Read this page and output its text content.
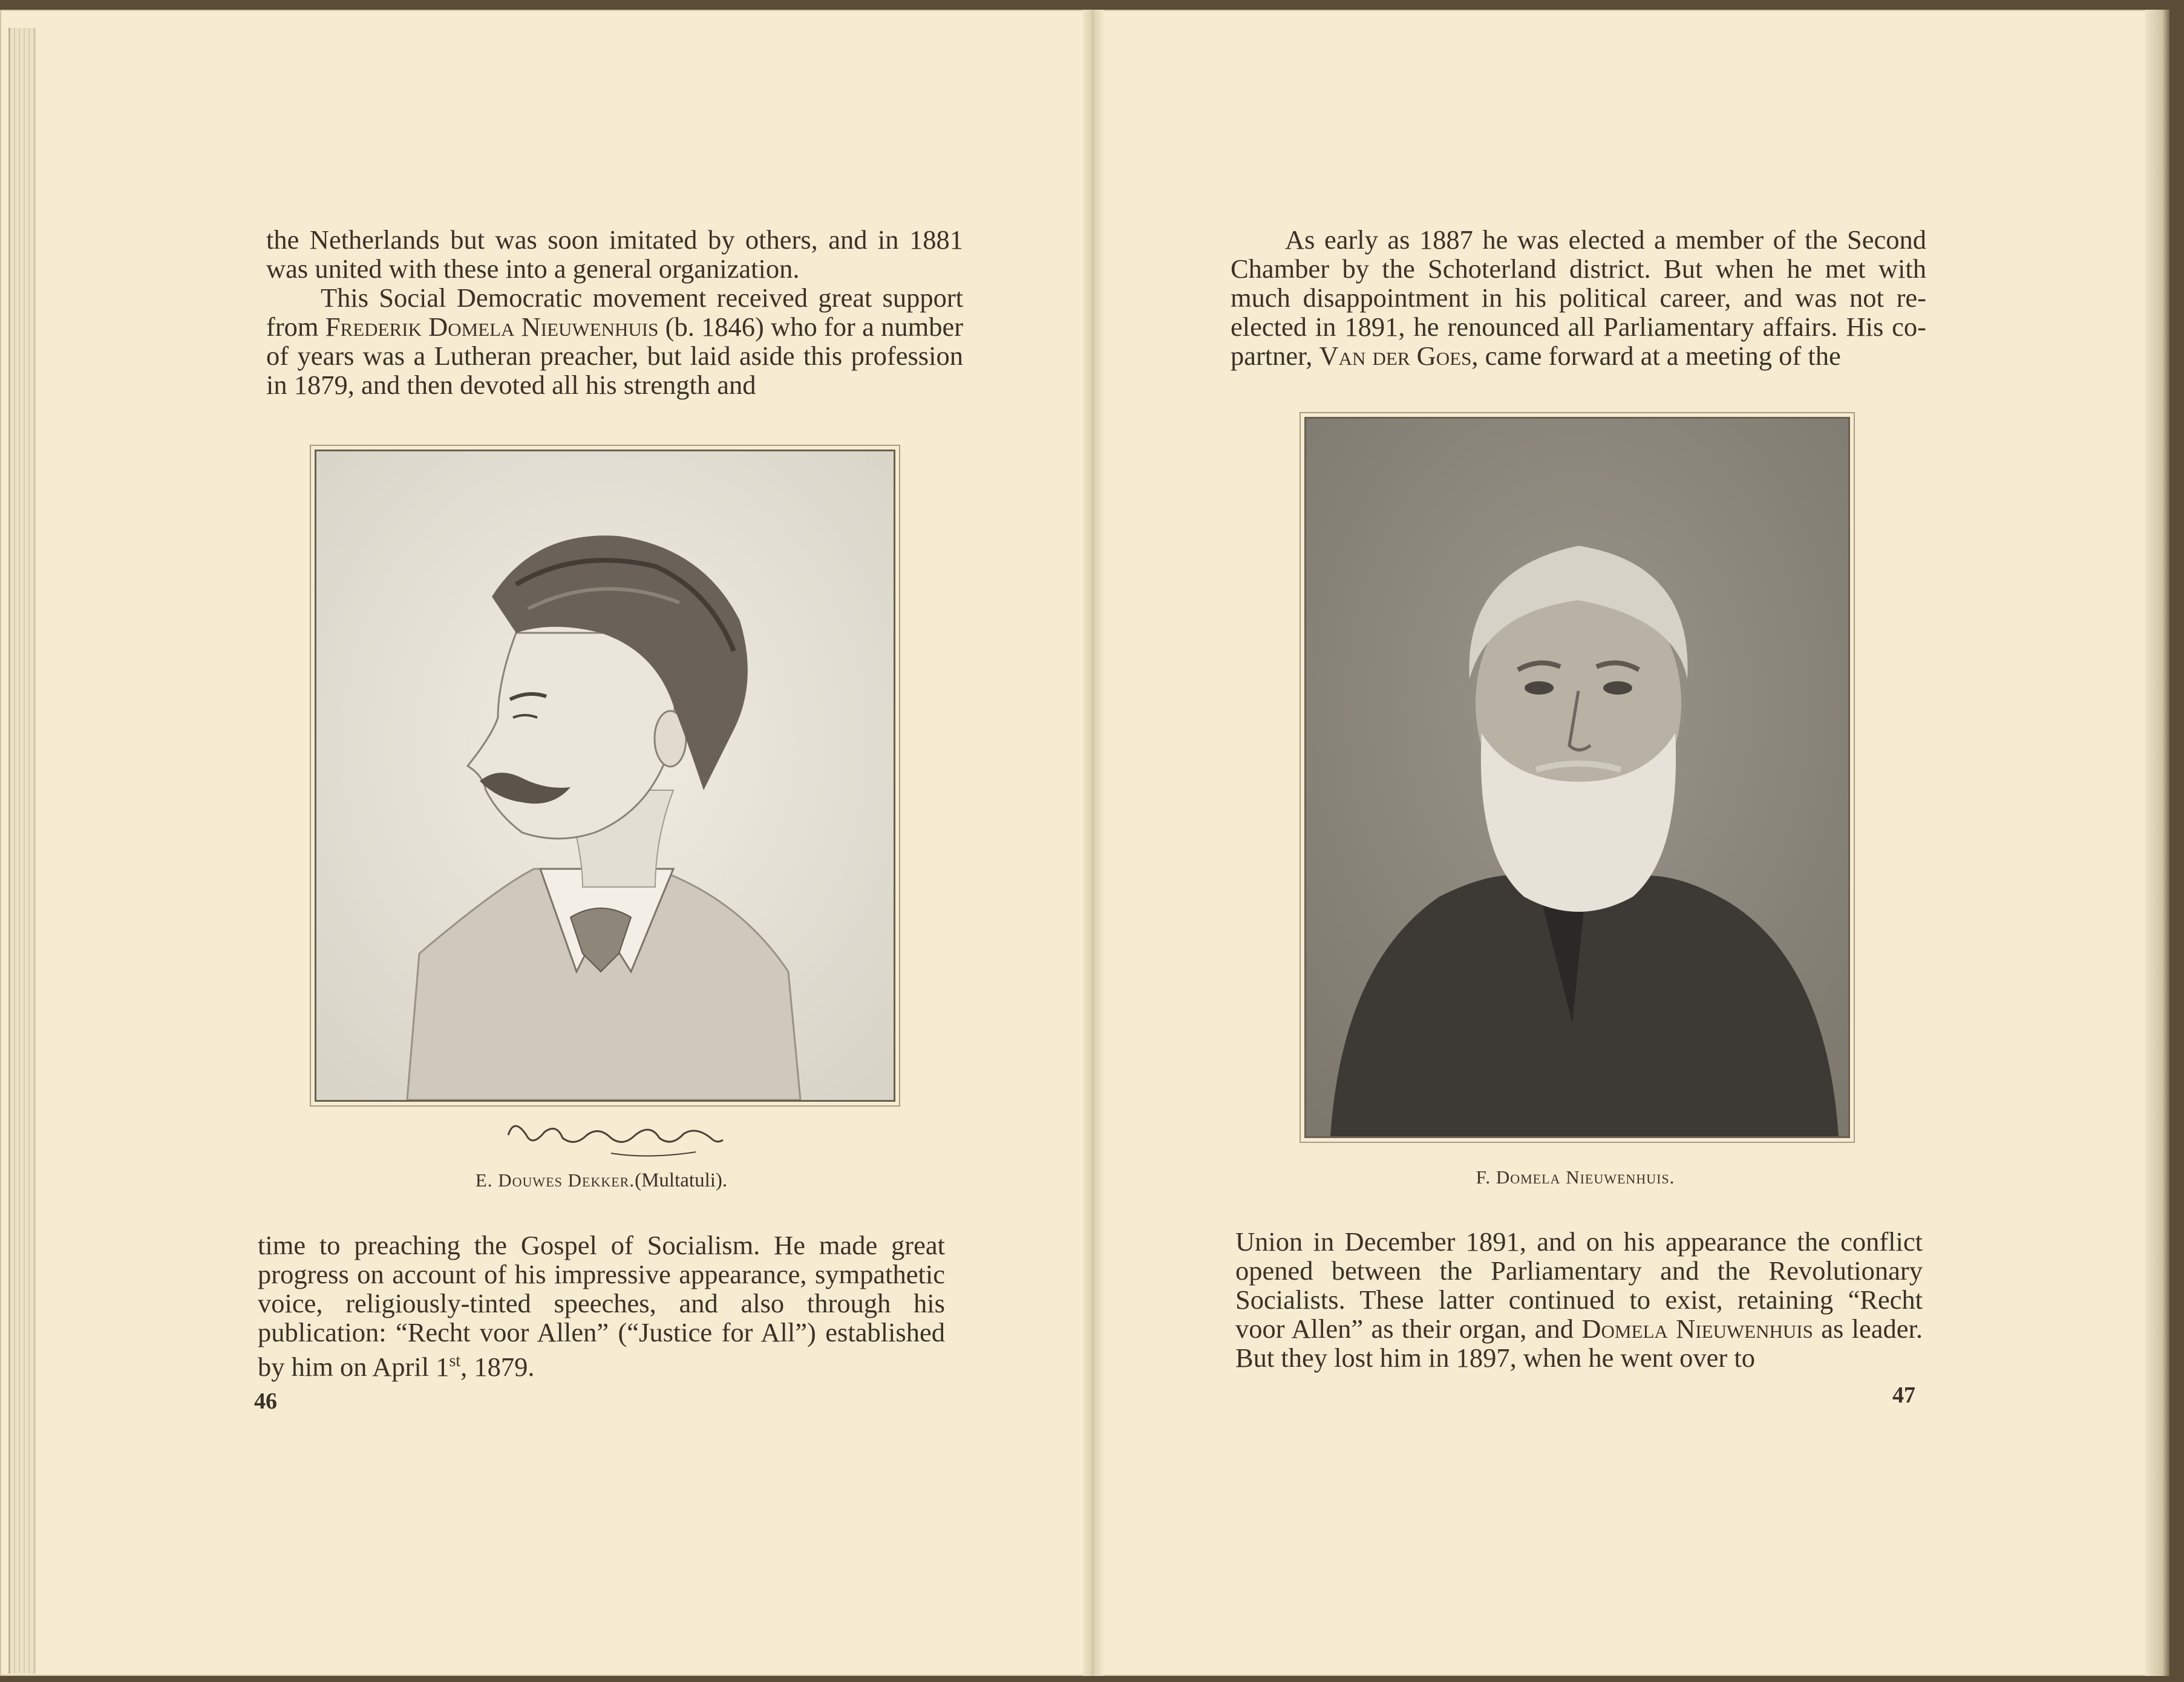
the Netherlands but was soon imitated by others, and in 1881 was united with these into a general organization.

This Social Democratic movement received great support from Frederik Domela Nieuwenhuis (b. 1846) who for a number of years was a Lutheran preacher, but laid aside this profession in 1879, and then devoted all his strength and

E. Douwes Dekker.(Multatuli).

time to preaching the Gospel of Socialism. He made great progress on account of his impressive appearance, sympathetic voice, religiously-tinted speeches, and also through his publication: “Recht voor Allen” (“Justice for All”) established by him on April 1st, 1879.

46

As early as 1887 he was elected a member of the Second Chamber by the Schoterland district. But when he met with much disappointment in his political career, and was not re-elected in 1891, he renounced all Parliamentary affairs. His co-partner, Van der Goes, came forward at a meeting of the

F. Domela Nieuwenhuis.

Union in December 1891, and on his appearance the conflict opened between the Parliamentary and the Revolutionary Socialists. These latter continued to exist, retaining “Recht voor Allen” as their organ, and Domela Nieuwenhuis as leader. But they lost him in 1897, when he went over to

47
